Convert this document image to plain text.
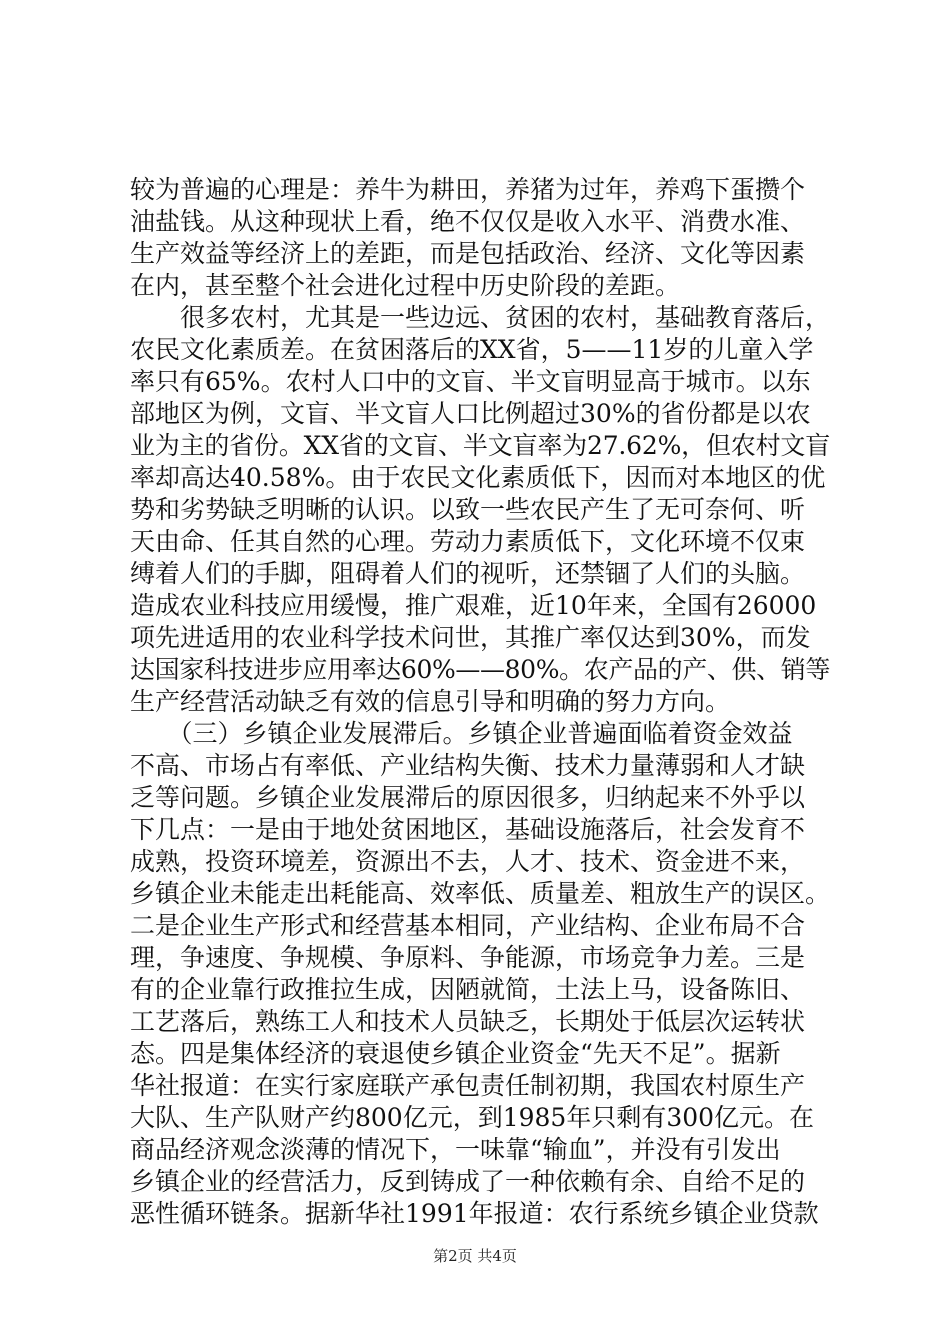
较为普遍的心理是：养牛为耕田，养猪为过年，养鸡下蛋攒个
油盐钱。从这种现状上看，绝不仅仅是收入水平、消费水准、
生产效益等经济上的差距，而是包括政治、经济、文化等因素
在内，甚至整个社会进化过程中历史阶段的差距。
　　很多农村，尤其是一些边远、贫困的农村，基础教育落后，
农民文化素质差。在贫困落后的XX省，5——11岁的儿童入学
率只有65%。农村人口中的文盲、半文盲明显高于城市。以东
部地区为例，文盲、半文盲人口比例超过30%的省份都是以农
业为主的省份。XX省的文盲、半文盲率为27.62%，但农村文盲
率却高达40.58%。由于农民文化素质低下，因而对本地区的优
势和劣势缺乏明晰的认识。以致一些农民产生了无可奈何、听
天由命、任其自然的心理。劳动力素质低下，文化环境不仅束
缚着人们的手脚，阻碍着人们的视听，还禁锢了人们的头脑。
造成农业科技应用缓慢，推广艰难，近10年来，全国有26000
项先进适用的农业科学技术问世，其推广率仅达到30%，而发
达国家科技进步应用率达60%——80%。农产品的产、供、销等
生产经营活动缺乏有效的信息引导和明确的努力方向。
　　（三）乡镇企业发展滞后。乡镇企业普遍面临着资金效益
不高、市场占有率低、产业结构失衡、技术力量薄弱和人才缺
乏等问题。乡镇企业发展滞后的原因很多，归纳起来不外乎以
下几点：一是由于地处贫困地区，基础设施落后，社会发育不
成熟，投资环境差，资源出不去，人才、技术、资金进不来，
乡镇企业未能走出耗能高、效率低、质量差、粗放生产的误区。
二是企业生产形式和经营基本相同，产业结构、企业布局不合
理，争速度、争规模、争原料、争能源，市场竞争力差。三是
有的企业靠行政推拉生成，因陋就简，土法上马，设备陈旧、
工艺落后，熟练工人和技术人员缺乏，长期处于低层次运转状
态。四是集体经济的衰退使乡镇企业资金“先天不足”。据新
华社报道：在实行家庭联产承包责任制初期，我国农村原生产
大队、生产队财产约800亿元，到1985年只剩有300亿元。在
商品经济观念淡薄的情况下，一味靠“输血”，并没有引发出
乡镇企业的经营活力，反到铸成了一种依赖有余、自给不足的
恶性循环链条。据新华社1991年报道：农行系统乡镇企业贷款
第2页 共4页
